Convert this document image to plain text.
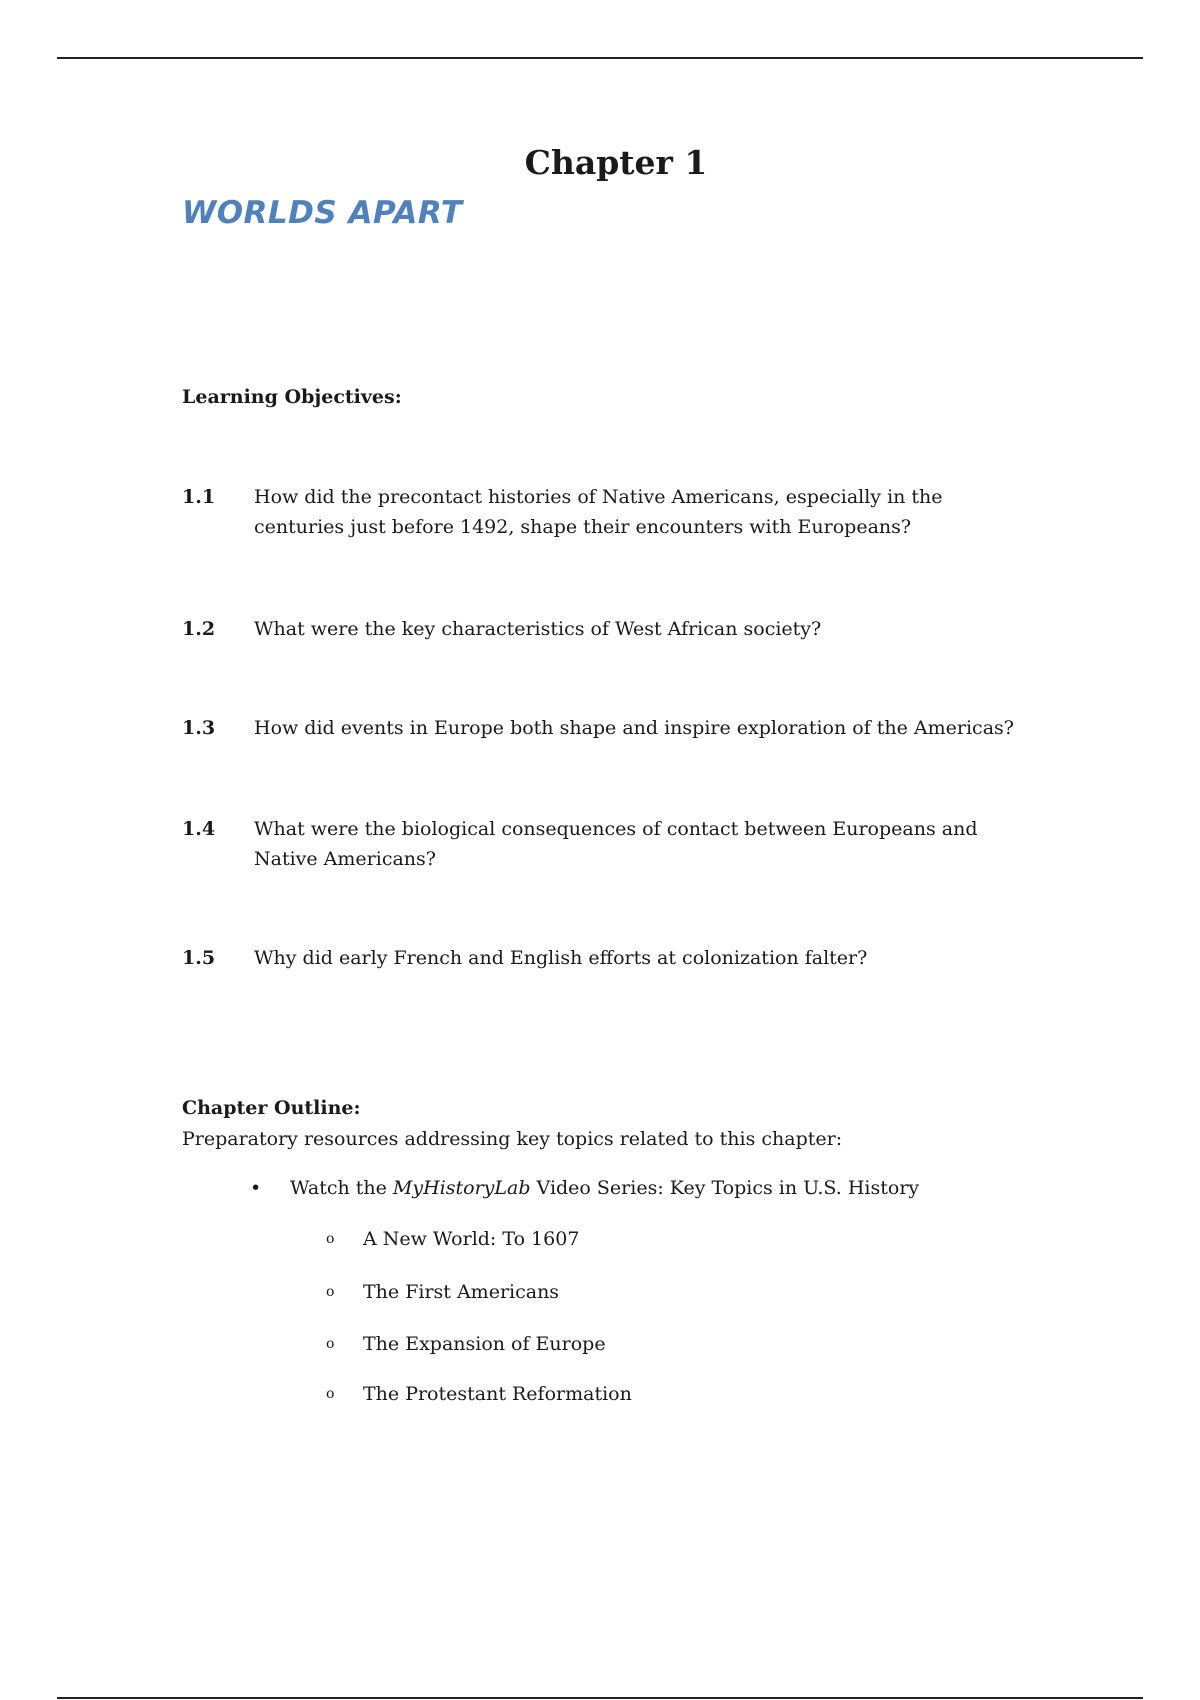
Chapter 1
WORLDS APART
Learning Objectives:
1.1 How did the precontact histories of Native Americans, especially in the centuries just before 1492, shape their encounters with Europeans?
1.2 What were the key characteristics of West African society?
1.3 How did events in Europe both shape and inspire exploration of the Americas?
1.4 What were the biological consequences of contact between Europeans and Native Americans?
1.5 Why did early French and English efforts at colonization falter?
Chapter Outline:

Preparatory resources addressing key topics related to this chapter:

• Watch the MyHistoryLab Video Series: Key Topics in U.S. History
o A New World: To 1607
o The First Americans
o The Expansion of Europe
o The Protestant Reformation
